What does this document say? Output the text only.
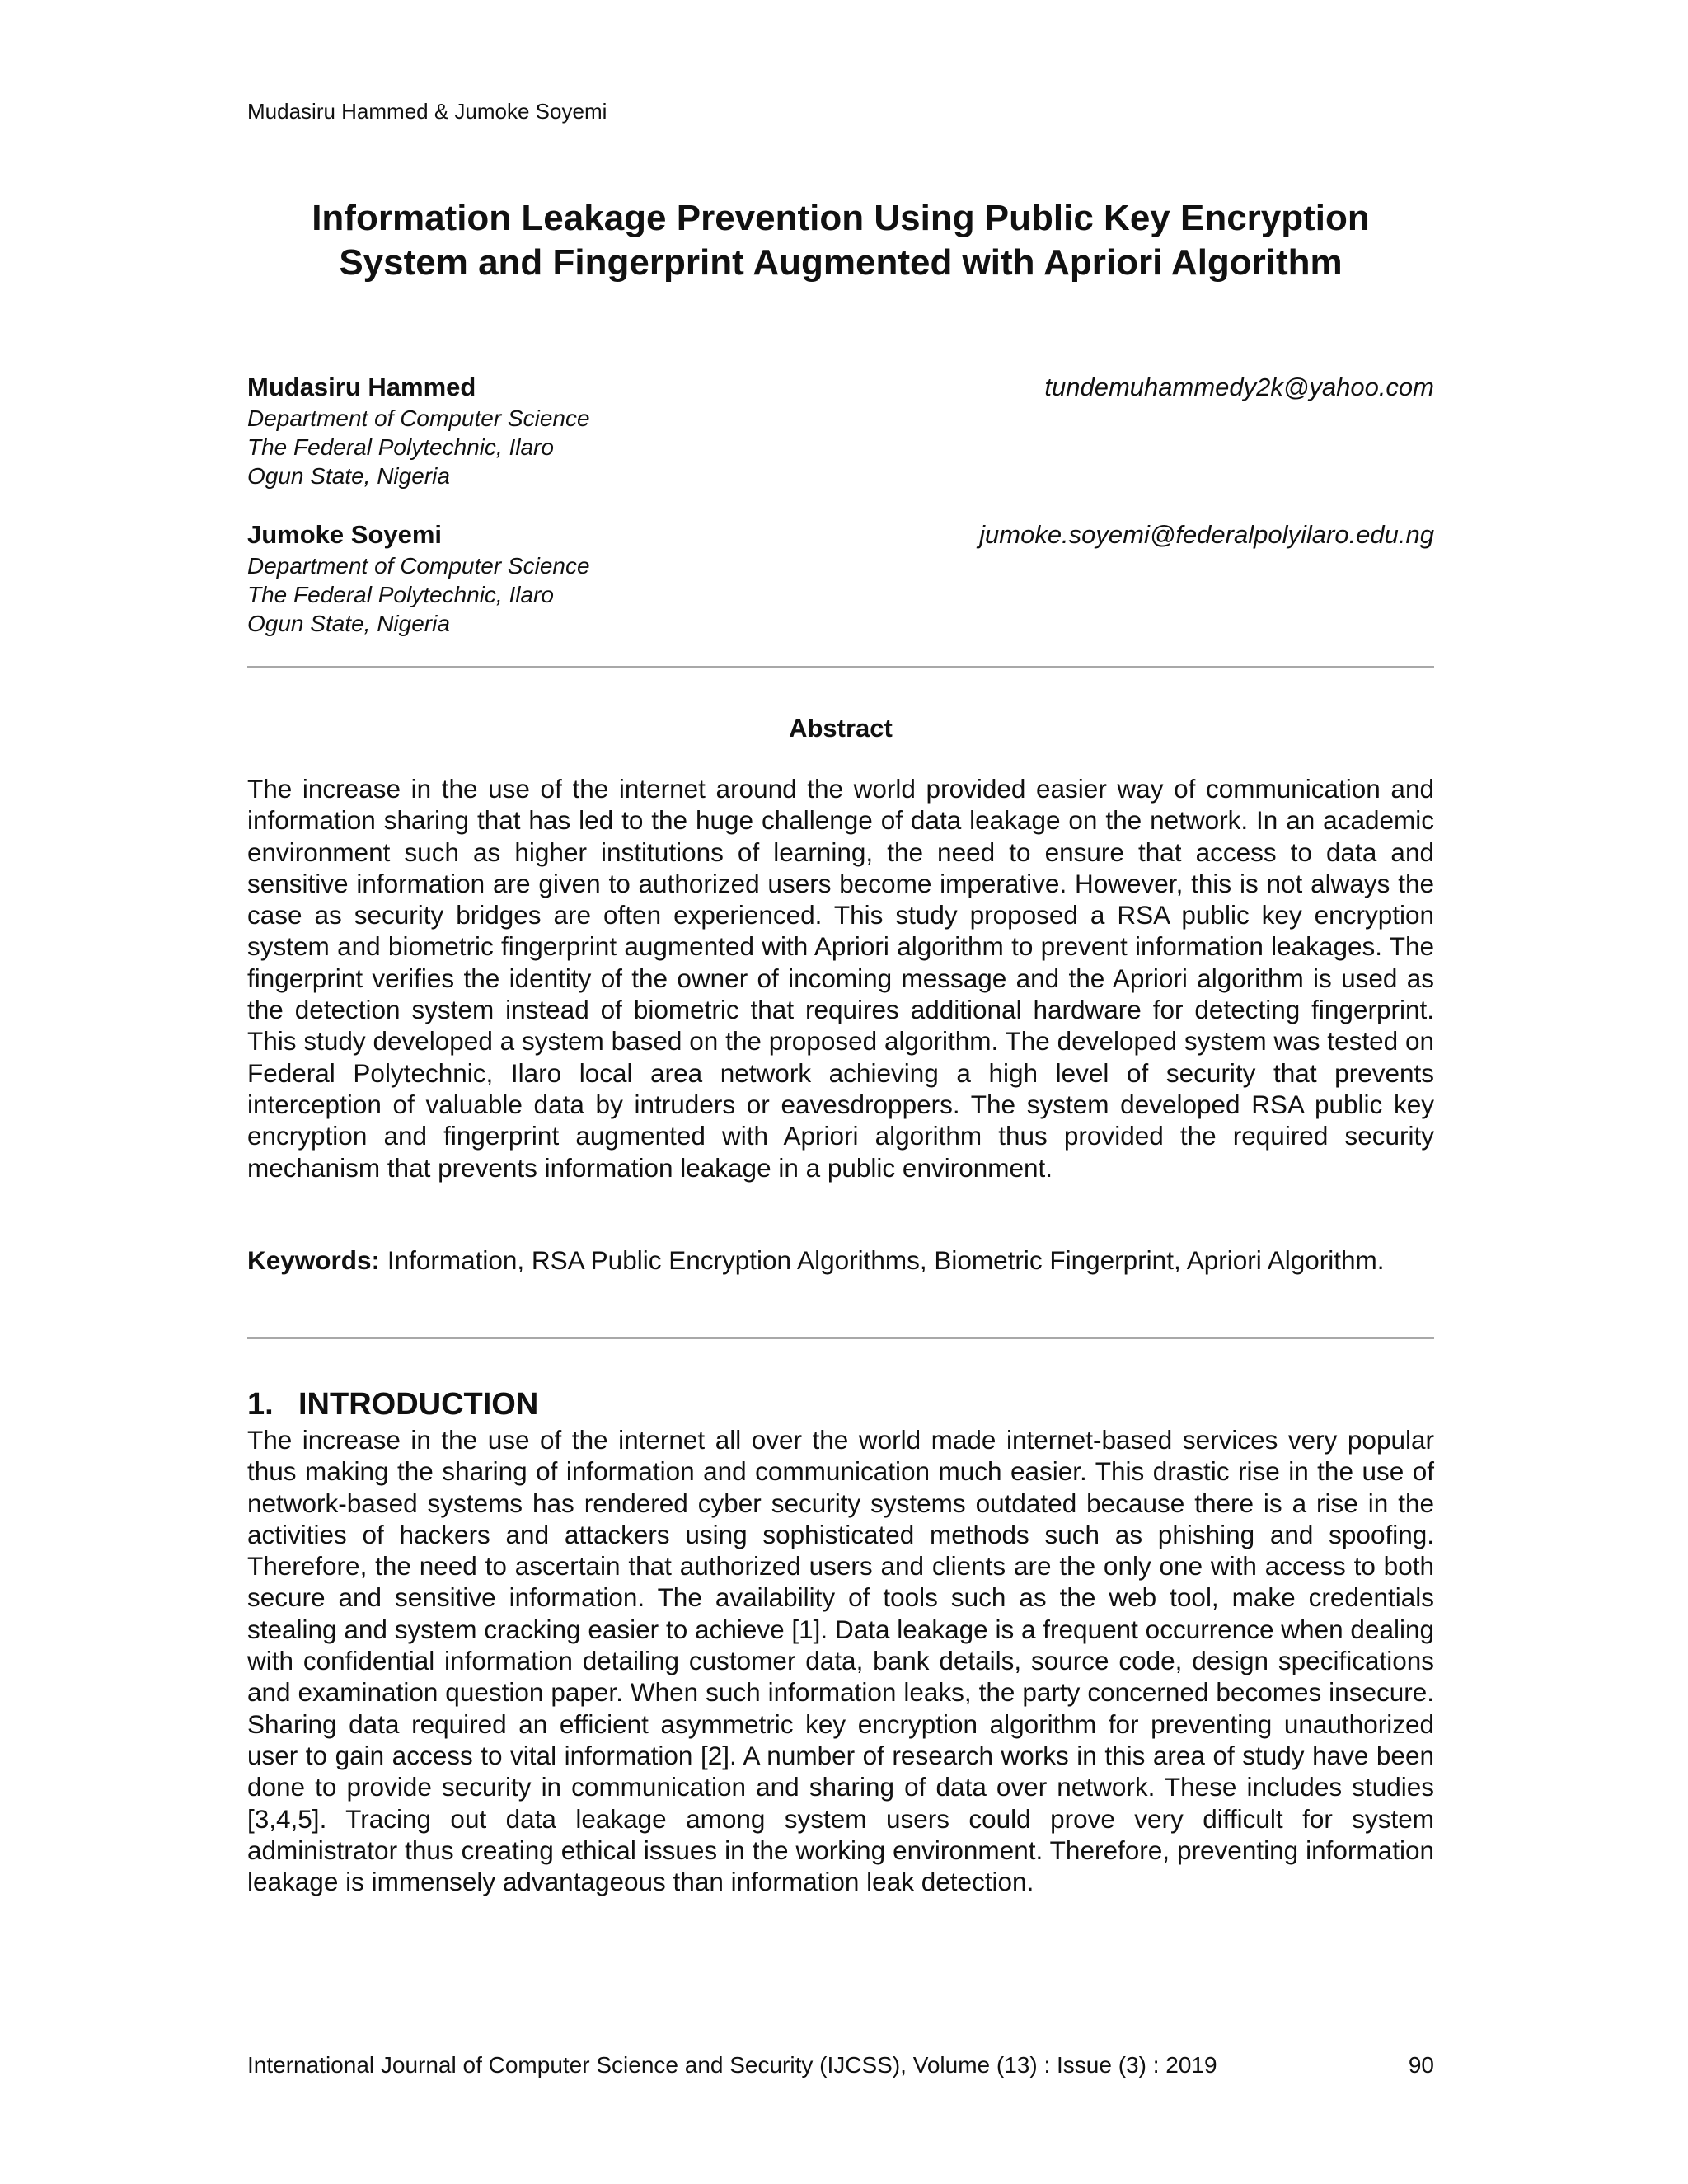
Mudasiru Hammed & Jumoke Soyemi
Information Leakage Prevention Using Public Key Encryption
System and Fingerprint Augmented with Apriori Algorithm
Mudasiru Hammed	tundemuhammedy2k@yahoo.com
Department of Computer Science
The Federal Polytechnic, Ilaro
Ogun State, Nigeria
Jumoke Soyemi	jumoke.soyemi@federalpolyilaro.edu.ng
Department of Computer Science
The Federal Polytechnic, Ilaro
Ogun State, Nigeria
Abstract

The increase in the use of the internet around the world provided easier way of communication and information sharing that has led to the huge challenge of data leakage on the network. In an academic environment such as higher institutions of learning, the need to ensure that access to data and sensitive information are given to authorized users become imperative. However, this is not always the case as security bridges are often experienced. This study proposed a RSA public key encryption system and biometric fingerprint augmented with Apriori algorithm to prevent information leakages. The fingerprint verifies the identity of the owner of incoming message and the Apriori algorithm is used as the detection system instead of biometric that requires additional hardware for detecting fingerprint. This study developed a system based on the proposed algorithm. The developed system was tested on Federal Polytechnic, Ilaro local area network achieving a high level of security that prevents interception of valuable data by intruders or eavesdroppers. The system developed RSA public key encryption and fingerprint augmented with Apriori algorithm thus provided the required security mechanism that prevents information leakage in a public environment.

Keywords: Information, RSA Public Encryption Algorithms, Biometric Fingerprint, Apriori Algorithm.

1. INTRODUCTION

The increase in the use of the internet all over the world made internet-based services very popular thus making the sharing of information and communication much easier. This drastic rise in the use of network-based systems has rendered cyber security systems outdated because there is a rise in the activities of hackers and attackers using sophisticated methods such as phishing and spoofing. Therefore, the need to ascertain that authorized users and clients are the only one with access to both secure and sensitive information. The availability of tools such as the web tool, make credentials stealing and system cracking easier to achieve [1]. Data leakage is a frequent occurrence when dealing with confidential information detailing customer data, bank details, source code, design specifications and examination question paper. When such information leaks, the party concerned becomes insecure. Sharing data required an efficient asymmetric key encryption algorithm for preventing unauthorized user to gain access to vital information [2]. A number of research works in this area of study have been done to provide security in communication and sharing of data over network. These includes studies [3,4,5]. Tracing out data leakage among system users could prove very difficult for system administrator thus creating ethical issues in the working environment. Therefore, preventing information leakage is immensely advantageous than information leak detection.

International Journal of Computer Science and Security (IJCSS), Volume (13) : Issue (3) : 2019	90
